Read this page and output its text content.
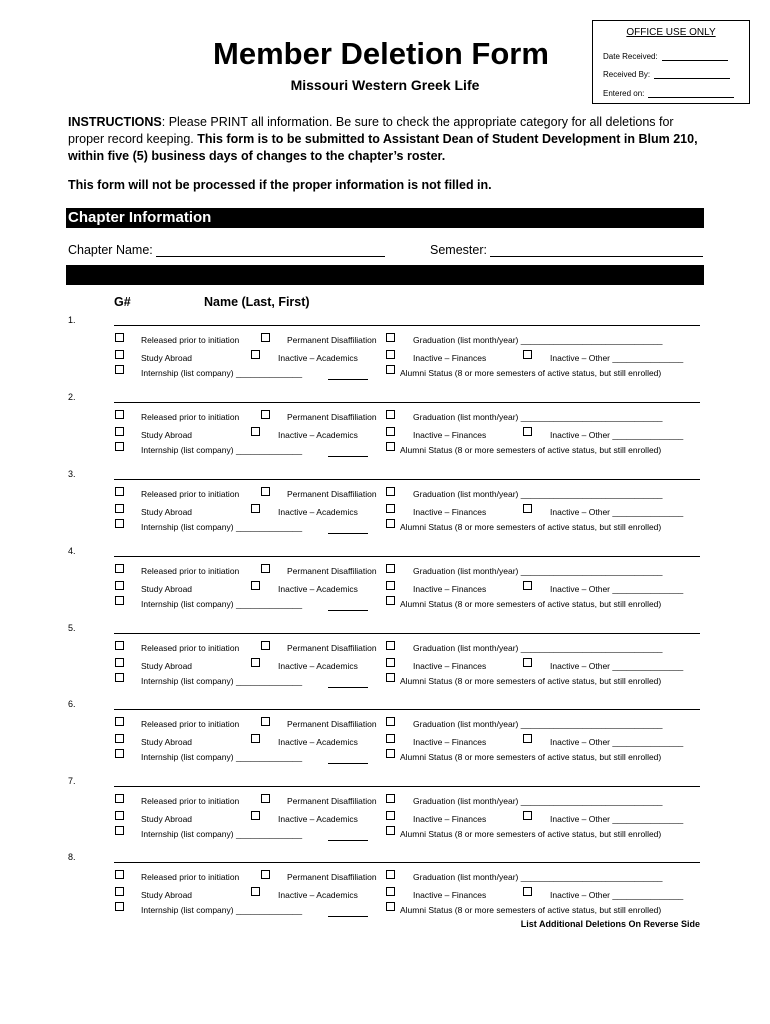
OFFICE USE ONLY
Date Received:
Received By:
Entered on:
Member Deletion Form
Missouri Western Greek Life
INSTRUCTIONS: Please PRINT all information. Be sure to check the appropriate category for all deletions for proper record keeping. This form is to be submitted to Assistant Dean of Student Development in Blum 210, within five (5) business days of changes to the chapter’s roster.
This form will not be processed if the proper information is not filled in.
Chapter Information
Chapter Name:	Semester:
G#	Name (Last, First)
1.
Released prior to initiation	Permanent Disaffiliation	Graduation (list month/year) ______________________________
Study Abroad	Inactive – Academics	Inactive – Finances	Inactive – Other _______________
Internship (list company) ______________	Alumni Status (8 or more semesters of active status, but still enrolled)
2.
Released prior to initiation	Permanent Disaffiliation	Graduation (list month/year) ______________________________
Study Abroad	Inactive – Academics	Inactive – Finances	Inactive – Other _______________
Internship (list company) ______________	Alumni Status (8 or more semesters of active status, but still enrolled)
3.
Released prior to initiation	Permanent Disaffiliation	Graduation (list month/year) ______________________________
Study Abroad	Inactive – Academics	Inactive – Finances	Inactive – Other _______________
Internship (list company) ______________	Alumni Status (8 or more semesters of active status, but still enrolled)
4.
Released prior to initiation	Permanent Disaffiliation	Graduation (list month/year) ______________________________
Study Abroad	Inactive – Academics	Inactive – Finances	Inactive – Other _______________
Internship (list company) ______________	Alumni Status (8 or more semesters of active status, but still enrolled)
5.
Released prior to initiation	Permanent Disaffiliation	Graduation (list month/year) ______________________________
Study Abroad	Inactive – Academics	Inactive – Finances	Inactive – Other _______________
Internship (list company) ______________	Alumni Status (8 or more semesters of active status, but still enrolled)
6.
Released prior to initiation	Permanent Disaffiliation	Graduation (list month/year) ______________________________
Study Abroad	Inactive – Academics	Inactive – Finances	Inactive – Other _______________
Internship (list company) ______________	Alumni Status (8 or more semesters of active status, but still enrolled)
7.
Released prior to initiation	Permanent Disaffiliation	Graduation (list month/year) ______________________________
Study Abroad	Inactive – Academics	Inactive – Finances	Inactive – Other _______________
Internship (list company) ______________	Alumni Status (8 or more semesters of active status, but still enrolled)
8.
Released prior to initiation	Permanent Disaffiliation	Graduation (list month/year) ______________________________
Study Abroad	Inactive – Academics	Inactive – Finances	Inactive – Other _______________
Internship (list company) ______________	Alumni Status (8 or more semesters of active status, but still enrolled)
List Additional Deletions On Reverse Side
